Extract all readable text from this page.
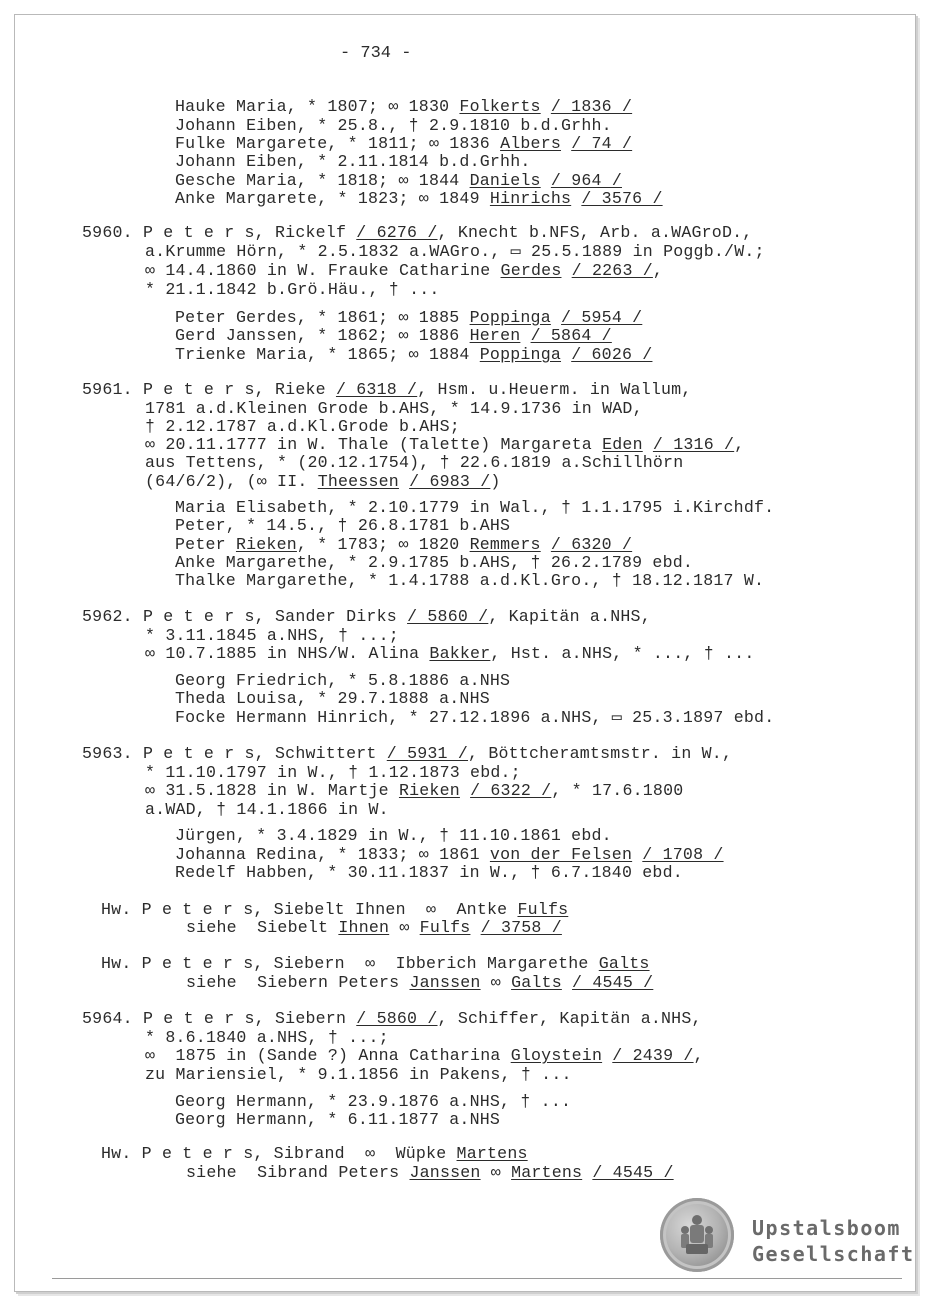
- 734 -
Hauke Maria, * 1807; ∞ 1830 Folkerts / 1836 /
Johann Eiben, * 25.8., † 2.9.1810 b.d.Grhh.
Fulke Margarete, * 1811; ∞ 1836 Albers / 74 /
Johann Eiben, * 2.11.1814 b.d.Grhh.
Gesche Maria, * 1818; ∞ 1844 Daniels / 964 /
Anke Margarete, * 1823; ∞ 1849 Hinrichs / 3576 /
5960. P e t e r s, Rickelf / 6276 /, Knecht b.NFS, Arb. a.WAGroD.,
a.Krumme Hörn, * 2.5.1832 a.WAGro., ▭ 25.5.1889 in Poggb./W.;
∞ 14.4.1860 in W. Frauke Catharine Gerdes / 2263 /,
* 21.1.1842 b.Grö.Häu., † ...
Peter Gerdes, * 1861; ∞ 1885 Poppinga / 5954 /
Gerd Janssen, * 1862; ∞ 1886 Heren / 5864 /
Trienke Maria, * 1865; ∞ 1884 Poppinga / 6026 /
5961. P e t e r s, Rieke / 6318 /, Hsm. u.Heuerm. in Wallum,
1781 a.d.Kleinen Grode b.AHS, * 14.9.1736 in WAD,
† 2.12.1787 a.d.Kl.Grode b.AHS;
∞ 20.11.1777 in W. Thale (Talette) Margareta Eden / 1316 /,
aus Tettens, * (20.12.1754), † 22.6.1819 a.Schillhörn
(64/6/2), (∞ II. Theessen / 6983 /)
Maria Elisabeth, * 2.10.1779 in Wal., † 1.1.1795 i.Kirchdf.
Peter, * 14.5., † 26.8.1781 b.AHS
Peter Rieken, * 1783; ∞ 1820 Remmers / 6320 /
Anke Margarethe, * 2.9.1785 b.AHS, † 26.2.1789 ebd.
Thalke Margarethe, * 1.4.1788 a.d.Kl.Gro., † 18.12.1817 W.
5962. P e t e r s, Sander Dirks / 5860 /, Kapitän a.NHS,
* 3.11.1845 a.NHS, † ...;
∞ 10.7.1885 in NHS/W. Alina Bakker, Hst. a.NHS, * ..., † ...
Georg Friedrich, * 5.8.1886 a.NHS
Theda Louisa, * 29.7.1888 a.NHS
Focke Hermann Hinrich, * 27.12.1896 a.NHS, ▭ 25.3.1897 ebd.
5963. P e t e r s, Schwittert / 5931 /, Böttcheramtsmstr. in W.,
* 11.10.1797 in W., † 1.12.1873 ebd.;
∞ 31.5.1828 in W. Martje Rieken / 6322 /, * 17.6.1800
a.WAD, † 14.1.1866 in W.
Jürgen, * 3.4.1829 in W., † 11.10.1861 ebd.
Johanna Redina, * 1833; ∞ 1861 von der Felsen / 1708 /
Redelf Habben, * 30.11.1837 in W., † 6.7.1840 ebd.
Hw. P e t e r s, Siebelt Ihnen  ∞  Antke Fulfs
siehe  Siebelt Ihnen ∞ Fulfs / 3758 /
Hw. P e t e r s, Siebern  ∞  Ibberich Margarethe Galts
siehe  Siebern Peters Janssen ∞ Galts / 4545 /
5964. P e t e r s, Siebern / 5860 /, Schiffer, Kapitän a.NHS,
* 8.6.1840 a.NHS, † ...;
∞  1875 in (Sande ?) Anna Catharina Gloystein / 2439 /,
zu Mariensiel, * 9.1.1856 in Pakens, † ...
Georg Hermann, * 23.9.1876 a.NHS, † ...
Georg Hermann, * 6.11.1877 a.NHS
Hw. P e t e r s, Sibrand  ∞  Wüpke Martens
siehe  Sibrand Peters Janssen ∞ Martens / 4545 /
Upstalsboom
Gesellschaft
